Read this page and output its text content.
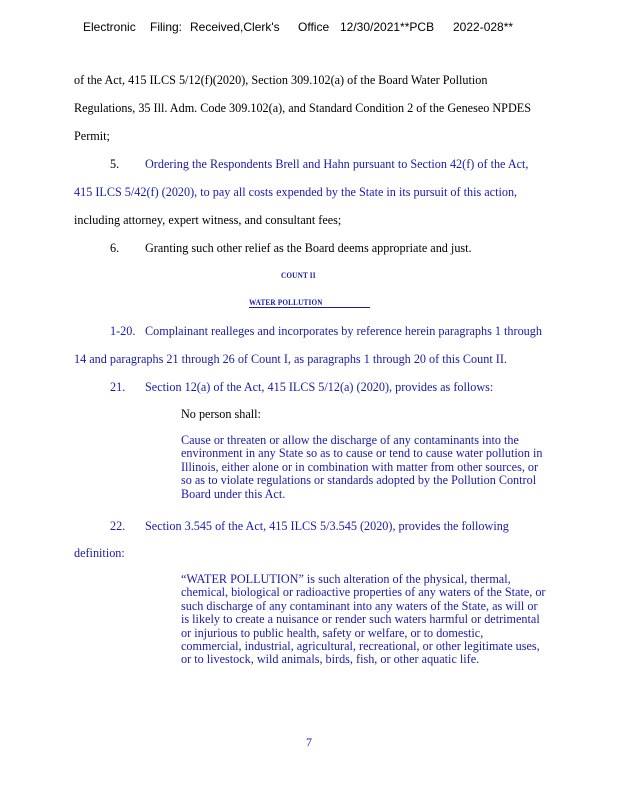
Electronic Filing: Received,Clerk's Office 12/30/2021**PCB 2022-028**
of the Act, 415 ILCS 5/12(f)(2020), Section 309.102(a) of the Board Water Pollution
Regulations, 35 Ill. Adm. Code 309.102(a), and Standard Condition 2 of the Geneseo NPDES
Permit;
5. Ordering the Respondents Brell and Hahn pursuant to Section 42(f) of the Act,
415 ILCS 5/42(f) (2020), to pay all costs expended by the State in its pursuit of this action,
including attorney, expert witness, and consultant fees;
6. Granting such other relief as the Board deems appropriate and just.
COUNT II
WATER POLLUTION
1-20. Complainant realleges and incorporates by reference herein paragraphs 1 through
14 and paragraphs 21 through 26 of Count I, as paragraphs 1 through 20 of this Count II.
21. Section 12(a) of the Act, 415 ILCS 5/12(a) (2020), provides as follows:
No person shall:
Cause or threaten or allow the discharge of any contaminants into the
environment in any State so as to cause or tend to cause water pollution in
Illinois, either alone or in combination with matter from other sources, or
so as to violate regulations or standards adopted by the Pollution Control
Board under this Act.
22. Section 3.545 of the Act, 415 ILCS 5/3.545 (2020), provides the following
definition:
“WATER POLLUTION” is such alteration of the physical, thermal,
chemical, biological or radioactive properties of any waters of the State, or
such discharge of any contaminant into any waters of the State, as will or
is likely to create a nuisance or render such waters harmful or detrimental
or injurious to public health, safety or welfare, or to domestic,
commercial, industrial, agricultural, recreational, or other legitimate uses,
or to livestock, wild animals, birds, fish, or other aquatic life.
7
